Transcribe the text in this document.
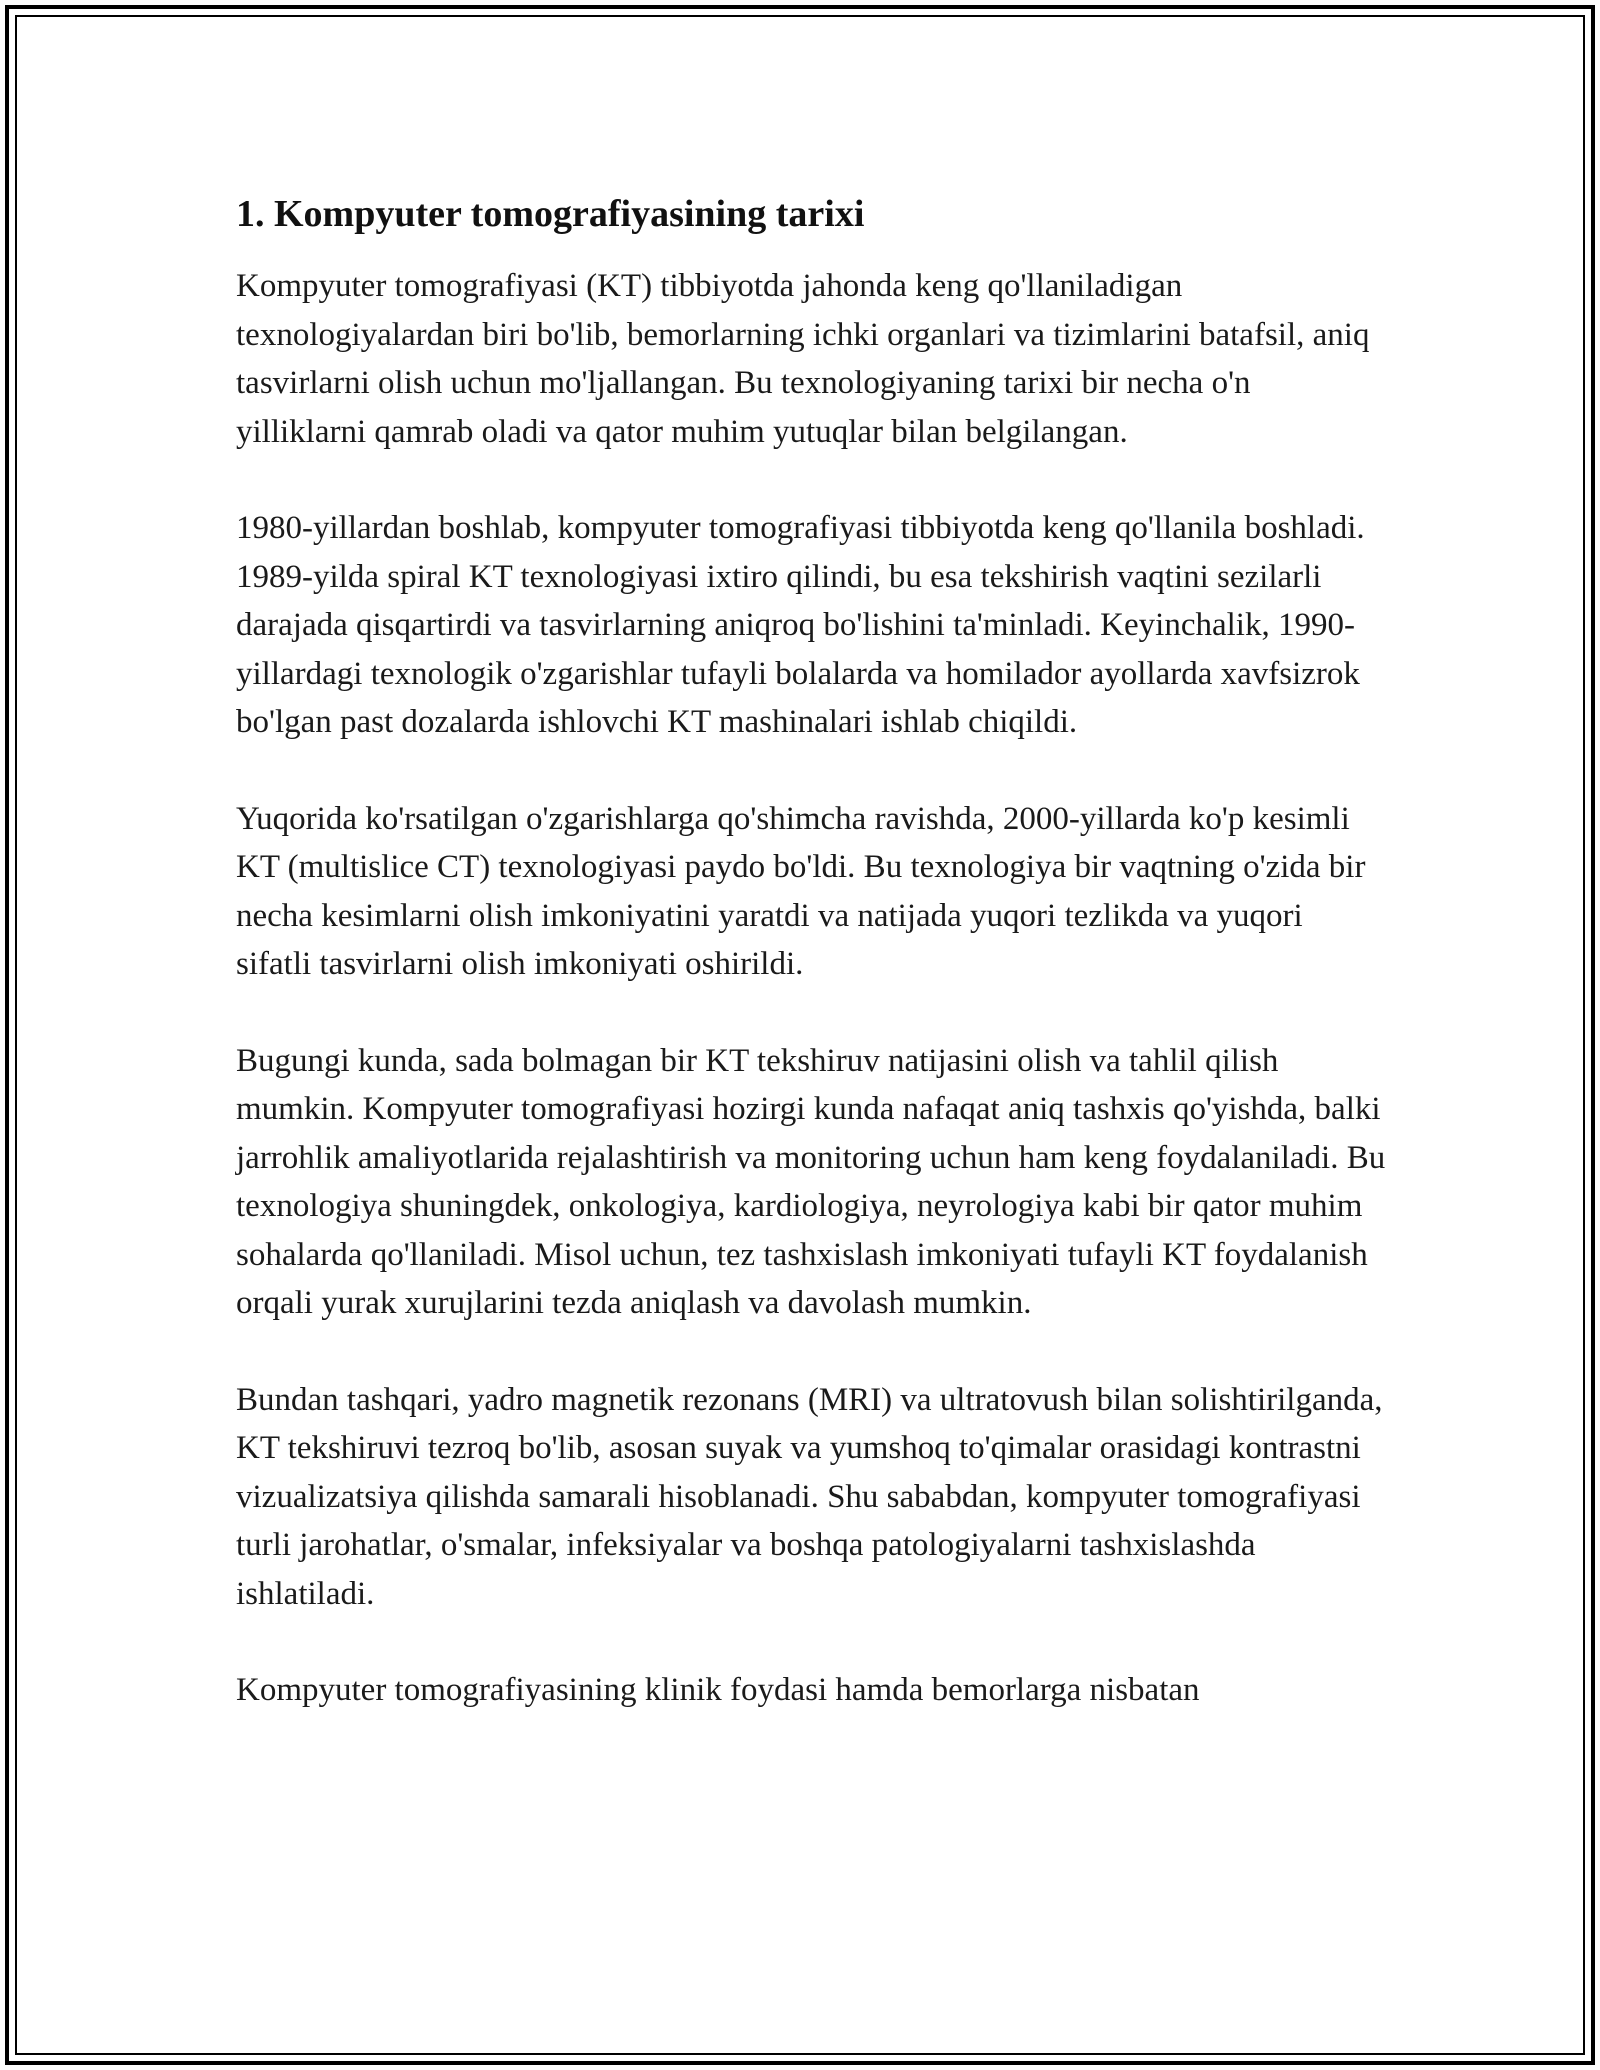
1. Kompyuter tomografiyasining tarixi

Kompyuter tomografiyasi (KT) tibbiyotda jahonda keng qo'llaniladigan texnologiyalardan biri bo'lib, bemorlarning ichki organlari va tizimlarini batafsil, aniq tasvirlarni olish uchun mo'ljallangan. Bu texnologiyaning tarixi bir necha o'n yilliklarni qamrab oladi va qator muhim yutuqlar bilan belgilangan.

1980-yillardan boshlab, kompyuter tomografiyasi tibbiyotda keng qo'llanila boshladi. 1989-yilda spiral KT texnologiyasi ixtiro qilindi, bu esa tekshirish vaqtini sezilarli darajada qisqartirdi va tasvirlarning aniqroq bo'lishini ta'minladi. Keyinchalik, 1990-yillardagi texnologik o'zgarishlar tufayli bolalarda va homilador ayollarda xavfsizrok bo'lgan past dozalarda ishlovchi KT mashinalari ishlab chiqildi.

Yuqorida ko'rsatilgan o'zgarishlarga qo'shimcha ravishda, 2000-yillarda ko'p kesimli KT (multislice CT) texnologiyasi paydo bo'ldi. Bu texnologiya bir vaqtning o'zida bir necha kesimlarni olish imkoniyatini yaratdi va natijada yuqori tezlikda va yuqori sifatli tasvirlarni olish imkoniyati oshirildi.

Bugungi kunda, sada bolmagan bir KT tekshiruv natijasini olish va tahlil qilish mumkin. Kompyuter tomografiyasi hozirgi kunda nafaqat aniq tashxis qo'yishda, balki jarrohlik amaliyotlarida rejalashtirish va monitoring uchun ham keng foydalaniladi. Bu texnologiya shuningdek, onkologiya, kardiologiya, neyrologiya kabi bir qator muhim sohalarda qo'llaniladi. Misol uchun, tez tashxislash imkoniyati tufayli KT foydalanish orqali yurak xurujlarini tezda aniqlash va davolash mumkin.

Bundan tashqari, yadro magnetik rezonans (MRI) va ultratovush bilan solishtirilganda, KT tekshiruvi tezroq bo'lib, asosan suyak va yumshoq to'qimalar orasidagi kontrastni vizualizatsiya qilishda samarali hisoblanadi. Shu sababdan, kompyuter tomografiyasi turli jarohatlar, o'smalar, infeksiyalar va boshqa patologiyalarni tashxislashda ishlatiladi.

Kompyuter tomografiyasining klinik foydasi hamda bemorlarga nisbatan
